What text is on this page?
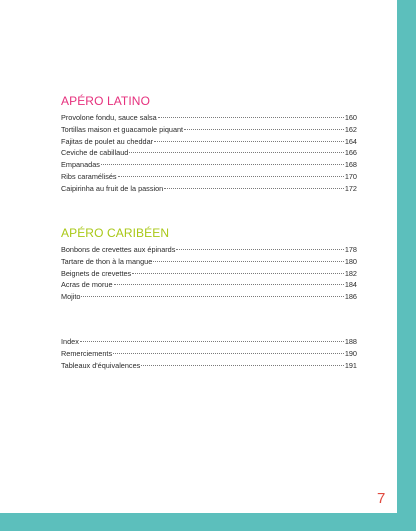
APÉRO LATINO
Provolone fondu, sauce salsa	160
Tortillas maison et guacamole piquant	162
Fajitas de poulet au cheddar	164
Ceviche de cabillaud	166
Empanadas	168
Ribs caramélisés	170
Caipirinha au fruit de la passion	172
APÉRO CARIBÉEN
Bonbons de crevettes aux épinards	178
Tartare de thon à la mangue	180
Beignets de crevettes	182
Acras de morue	184
Mojito	186
Index	188
Remerciements	190
Tableaux d'équivalences	191
7
